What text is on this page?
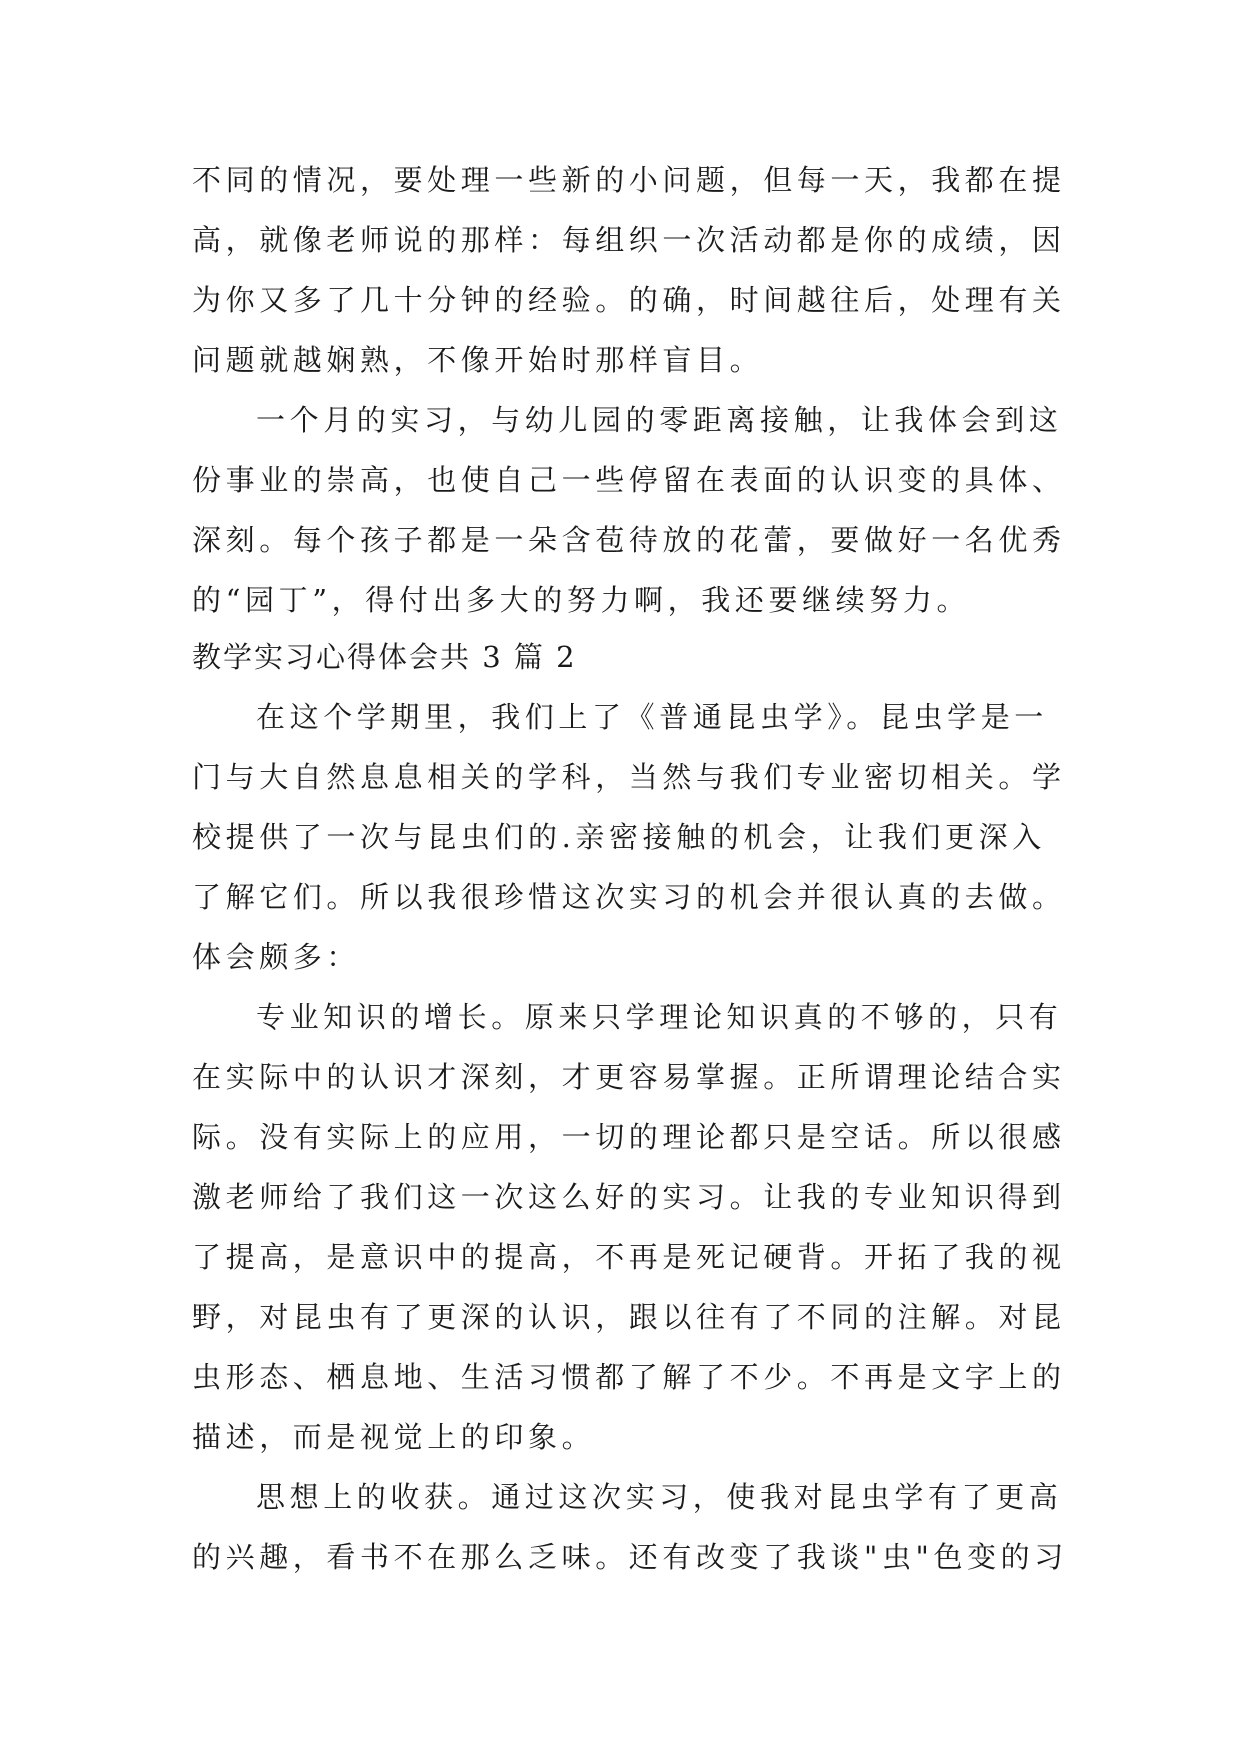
不同的情况，要处理一些新的小问题，但每一天，我都在提
高，就像老师说的那样：每组织一次活动都是你的成绩，因
为你又多了几十分钟的经验。的确，时间越往后，处理有关
问题就越娴熟，不像开始时那样盲目。
一个月的实习，与幼儿园的零距离接触，让我体会到这
份事业的崇高，也使自己一些停留在表面的认识变的具体、
深刻。每个孩子都是一朵含苞待放的花蕾，要做好一名优秀
的“园丁”，得付出多大的努力啊，我还要继续努力。
教学实习心得体会共 3 篇 2
在这个学期里，我们上了《普通昆虫学》。昆虫学是一
门与大自然息息相关的学科，当然与我们专业密切相关。学
校提供了一次与昆虫们的.亲密接触的机会，让我们更深入
了解它们。所以我很珍惜这次实习的机会并很认真的去做。
体会颇多：
专业知识的增长。原来只学理论知识真的不够的，只有
在实际中的认识才深刻，才更容易掌握。正所谓理论结合实
际。没有实际上的应用，一切的理论都只是空话。所以很感
激老师给了我们这一次这么好的实习。让我的专业知识得到
了提高，是意识中的提高，不再是死记硬背。开拓了我的视
野，对昆虫有了更深的认识，跟以往有了不同的注解。对昆
虫形态、栖息地、生活习惯都了解了不少。不再是文字上的
描述，而是视觉上的印象。
思想上的收获。通过这次实习，使我对昆虫学有了更高
的兴趣，看书不在那么乏味。还有改变了我谈"虫"色变的习
